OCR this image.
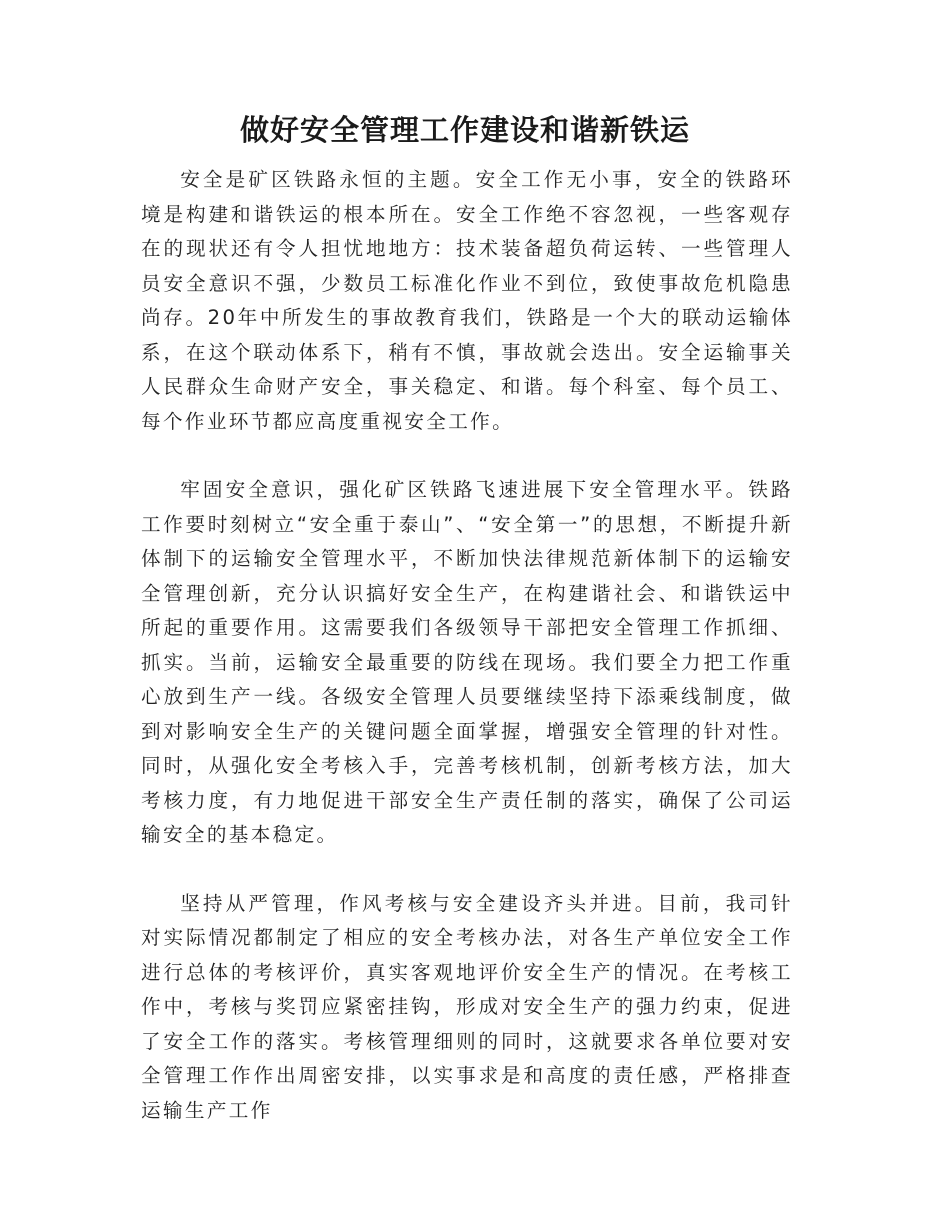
做好安全管理工作建设和谐新铁运

安全是矿区铁路永恒的主题。安全工作无小事，安全的铁路环境是构建和谐铁运的根本所在。安全工作绝不容忽视，一些客观存在的现状还有令人担忧地地方：技术装备超负荷运转、一些管理人员安全意识不强，少数员工标准化作业不到位，致使事故危机隐患尚存。20年中所发生的事故教育我们，铁路是一个大的联动运输体系，在这个联动体系下，稍有不慎，事故就会迭出。安全运输事关人民群众生命财产安全，事关稳定、和谐。每个科室、每个员工、每个作业环节都应高度重视安全工作。

牢固安全意识，强化矿区铁路飞速进展下安全管理水平。铁路工作要时刻树立“安全重于泰山”、“安全第一”的思想，不断提升新体制下的运输安全管理水平，不断加快法律规范新体制下的运输安全管理创新，充分认识搞好安全生产，在构建谐社会、和谐铁运中所起的重要作用。这需要我们各级领导干部把安全管理工作抓细、抓实。当前，运输安全最重要的防线在现场。我们要全力把工作重心放到生产一线。各级安全管理人员要继续坚持下添乘线制度，做到对影响安全生产的关键问题全面掌握，增强安全管理的针对性。同时，从强化安全考核入手，完善考核机制，创新考核方法，加大考核力度，有力地促进干部安全生产责任制的落实，确保了公司运输安全的基本稳定。

坚持从严管理，作风考核与安全建设齐头并进。目前，我司针对实际情况都制定了相应的安全考核办法，对各生产单位安全工作进行总体的考核评价，真实客观地评价安全生产的情况。在考核工作中，考核与奖罚应紧密挂钩，形成对安全生产的强力约束，促进了安全工作的落实。考核管理细则的同时，这就要求各单位要对安全管理工作作出周密安排，以实事求是和高度的责任感，严格排查运输生产工作
